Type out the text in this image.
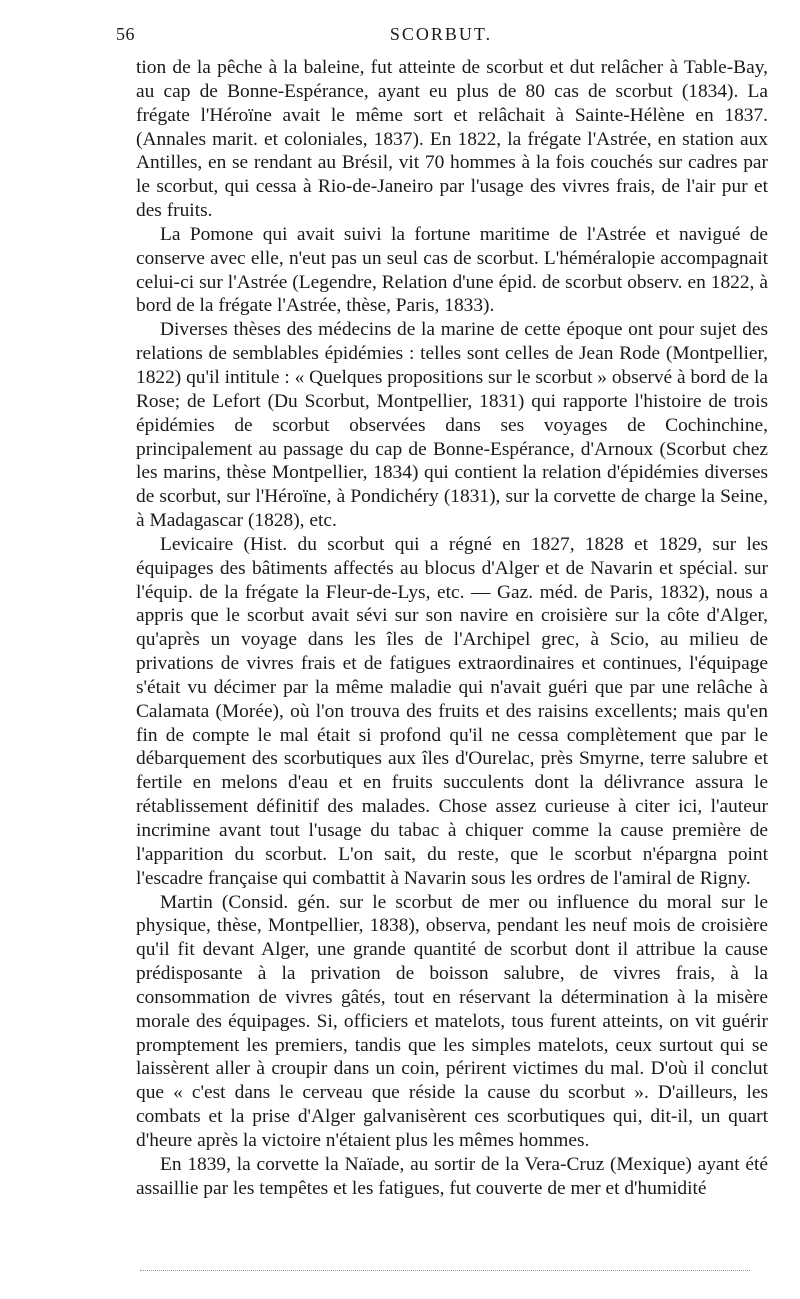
56	SCORBUT.

tion de la pêche à la baleine, fut atteinte de scorbut et dut relâcher à Table-Bay, au cap de Bonne-Espérance, ayant eu plus de 80 cas de scorbut (1834). La frégate l'Héroïne avait le même sort et relâchait à Sainte-Hélène en 1837. (Annales marit. et coloniales, 1837). En 1822, la frégate l'Astrée, en station aux Antilles, en se rendant au Brésil, vit 70 hommes à la fois couchés sur cadres par le scorbut, qui cessa à Rio-de-Janeiro par l'usage des vivres frais, de l'air pur et des fruits.

La Pomone qui avait suivi la fortune maritime de l'Astrée et navigué de conserve avec elle, n'eut pas un seul cas de scorbut. L'héméralopie accompagnait celui-ci sur l'Astrée (Legendre, Relation d'une épid. de scorbut observ. en 1822, à bord de la frégate l'Astrée, thèse, Paris, 1833).

Diverses thèses des médecins de la marine de cette époque ont pour sujet des relations de semblables épidémies : telles sont celles de Jean Rode (Montpellier, 1822) qu'il intitule : « Quelques propositions sur le scorbut » observé à bord de la Rose; de Lefort (Du Scorbut, Montpellier, 1831) qui rapporte l'histoire de trois épidémies de scorbut observées dans ses voyages de Cochinchine, principalement au passage du cap de Bonne-Espérance, d'Arnoux (Scorbut chez les marins, thèse Montpellier, 1834) qui contient la relation d'épidémies diverses de scorbut, sur l'Héroïne, à Pondichéry (1831), sur la corvette de charge la Seine, à Madagascar (1828), etc.

Levicaire (Hist. du scorbut qui a régné en 1827, 1828 et 1829, sur les équipages des bâtiments affectés au blocus d'Alger et de Navarin et spécial. sur l'équip. de la frégate la Fleur-de-Lys, etc. — Gaz. méd. de Paris, 1832), nous a appris que le scorbut avait sévi sur son navire en croisière sur la côte d'Alger, qu'après un voyage dans les îles de l'Archipel grec, à Scio, au milieu de privations de vivres frais et de fatigues extraordinaires et continues, l'équipage s'était vu décimer par la même maladie qui n'avait guéri que par une relâche à Calamata (Morée), où l'on trouva des fruits et des raisins excellents; mais qu'en fin de compte le mal était si profond qu'il ne cessa complètement que par le débarquement des scorbutiques aux îles d'Ourelac, près Smyrne, terre salubre et fertile en melons d'eau et en fruits succulents dont la délivrance assura le rétablissement définitif des malades. Chose assez curieuse à citer ici, l'auteur incrimine avant tout l'usage du tabac à chiquer comme la cause première de l'apparition du scorbut. L'on sait, du reste, que le scorbut n'épargna point l'escadre française qui combattit à Navarin sous les ordres de l'amiral de Rigny.

Martin (Consid. gén. sur le scorbut de mer ou influence du moral sur le physique, thèse, Montpellier, 1838), observa, pendant les neuf mois de croisière qu'il fit devant Alger, une grande quantité de scorbut dont il attribue la cause prédisposante à la privation de boisson salubre, de vivres frais, à la consommation de vivres gâtés, tout en réservant la détermination à la misère morale des équipages. Si, officiers et matelots, tous furent atteints, on vit guérir promptement les premiers, tandis que les simples matelots, ceux surtout qui se laissèrent aller à croupir dans un coin, périrent victimes du mal. D'où il conclut que « c'est dans le cerveau que réside la cause du scorbut ». D'ailleurs, les combats et la prise d'Alger galvanisèrent ces scorbutiques qui, dit-il, un quart d'heure après la victoire n'étaient plus les mêmes hommes.

En 1839, la corvette la Naïade, au sortir de la Vera-Cruz (Mexique) ayant été assaillie par les tempêtes et les fatigues, fut couverte de mer et d'humidité
